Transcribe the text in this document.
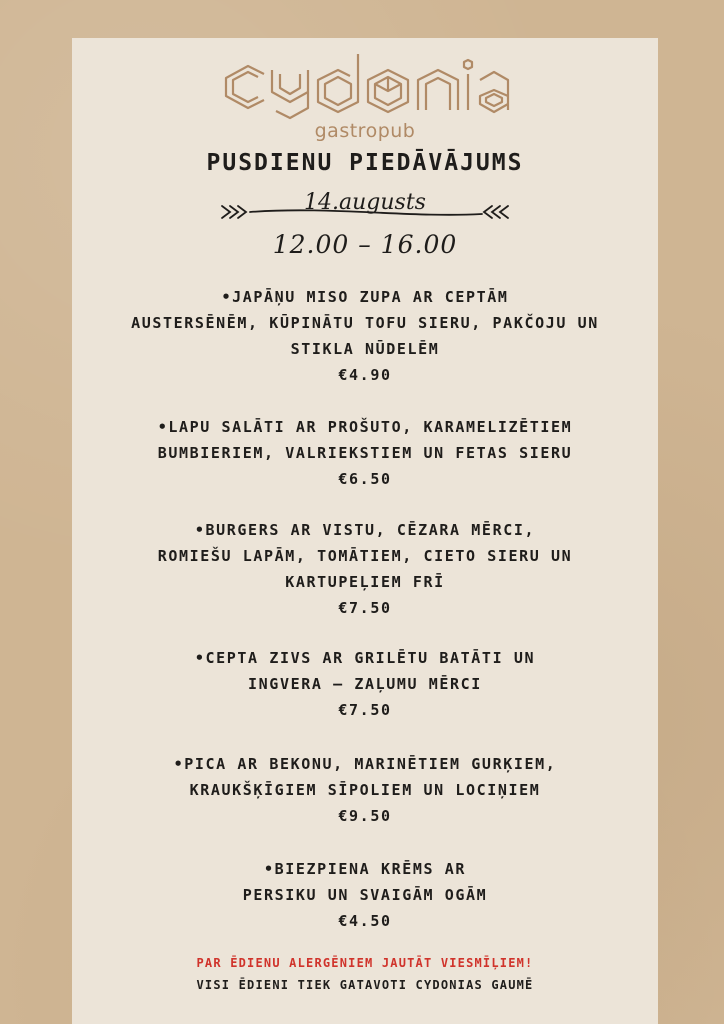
gastropub
PUSDIENU PIEDĀVĀJUMS
14.augusts
12.00 – 16.00
•JAPĀŅU MISO ZUPA AR CEPTĀM
AUSTERSĒNĒM, KŪPINĀTU TOFU SIERU, PAKČOJU UN
STIKLA NŪDELĒM
€4.90
•LAPU SALĀTI AR PROŠUTO, KARAMELIZĒTIEM
BUMBIERIEM, VALRIEKSTIEM UN FETAS SIERU
€6.50
•BURGERS AR VISTU, CĒZARA MĒRCI,
ROMIEŠU LAPĀM, TOMĀTIEM, CIETO SIERU UN
KARTUPEĻIEM FRĪ
€7.50
•CEPTA ZIVS AR GRILĒTU BATĀTI UN
INGVERA – ZAĻUMU MĒRCI
€7.50
•PICA AR BEKONU, MARINĒTIEM GURĶIEM,
KRAUKŠĶĪGIEM SĪPOLIEM UN LOCIŅIEM
€9.50
•BIEZPIENA KRĒMS AR
PERSIKU UN SVAIGĀM OGĀM
€4.50
PAR ĒDIENU ALERGĒNIEM JAUTĀT VIESMĪĻIEM!
VISI ĒDIENI TIEK GATAVOTI CYDONIAS GAUMĒ
